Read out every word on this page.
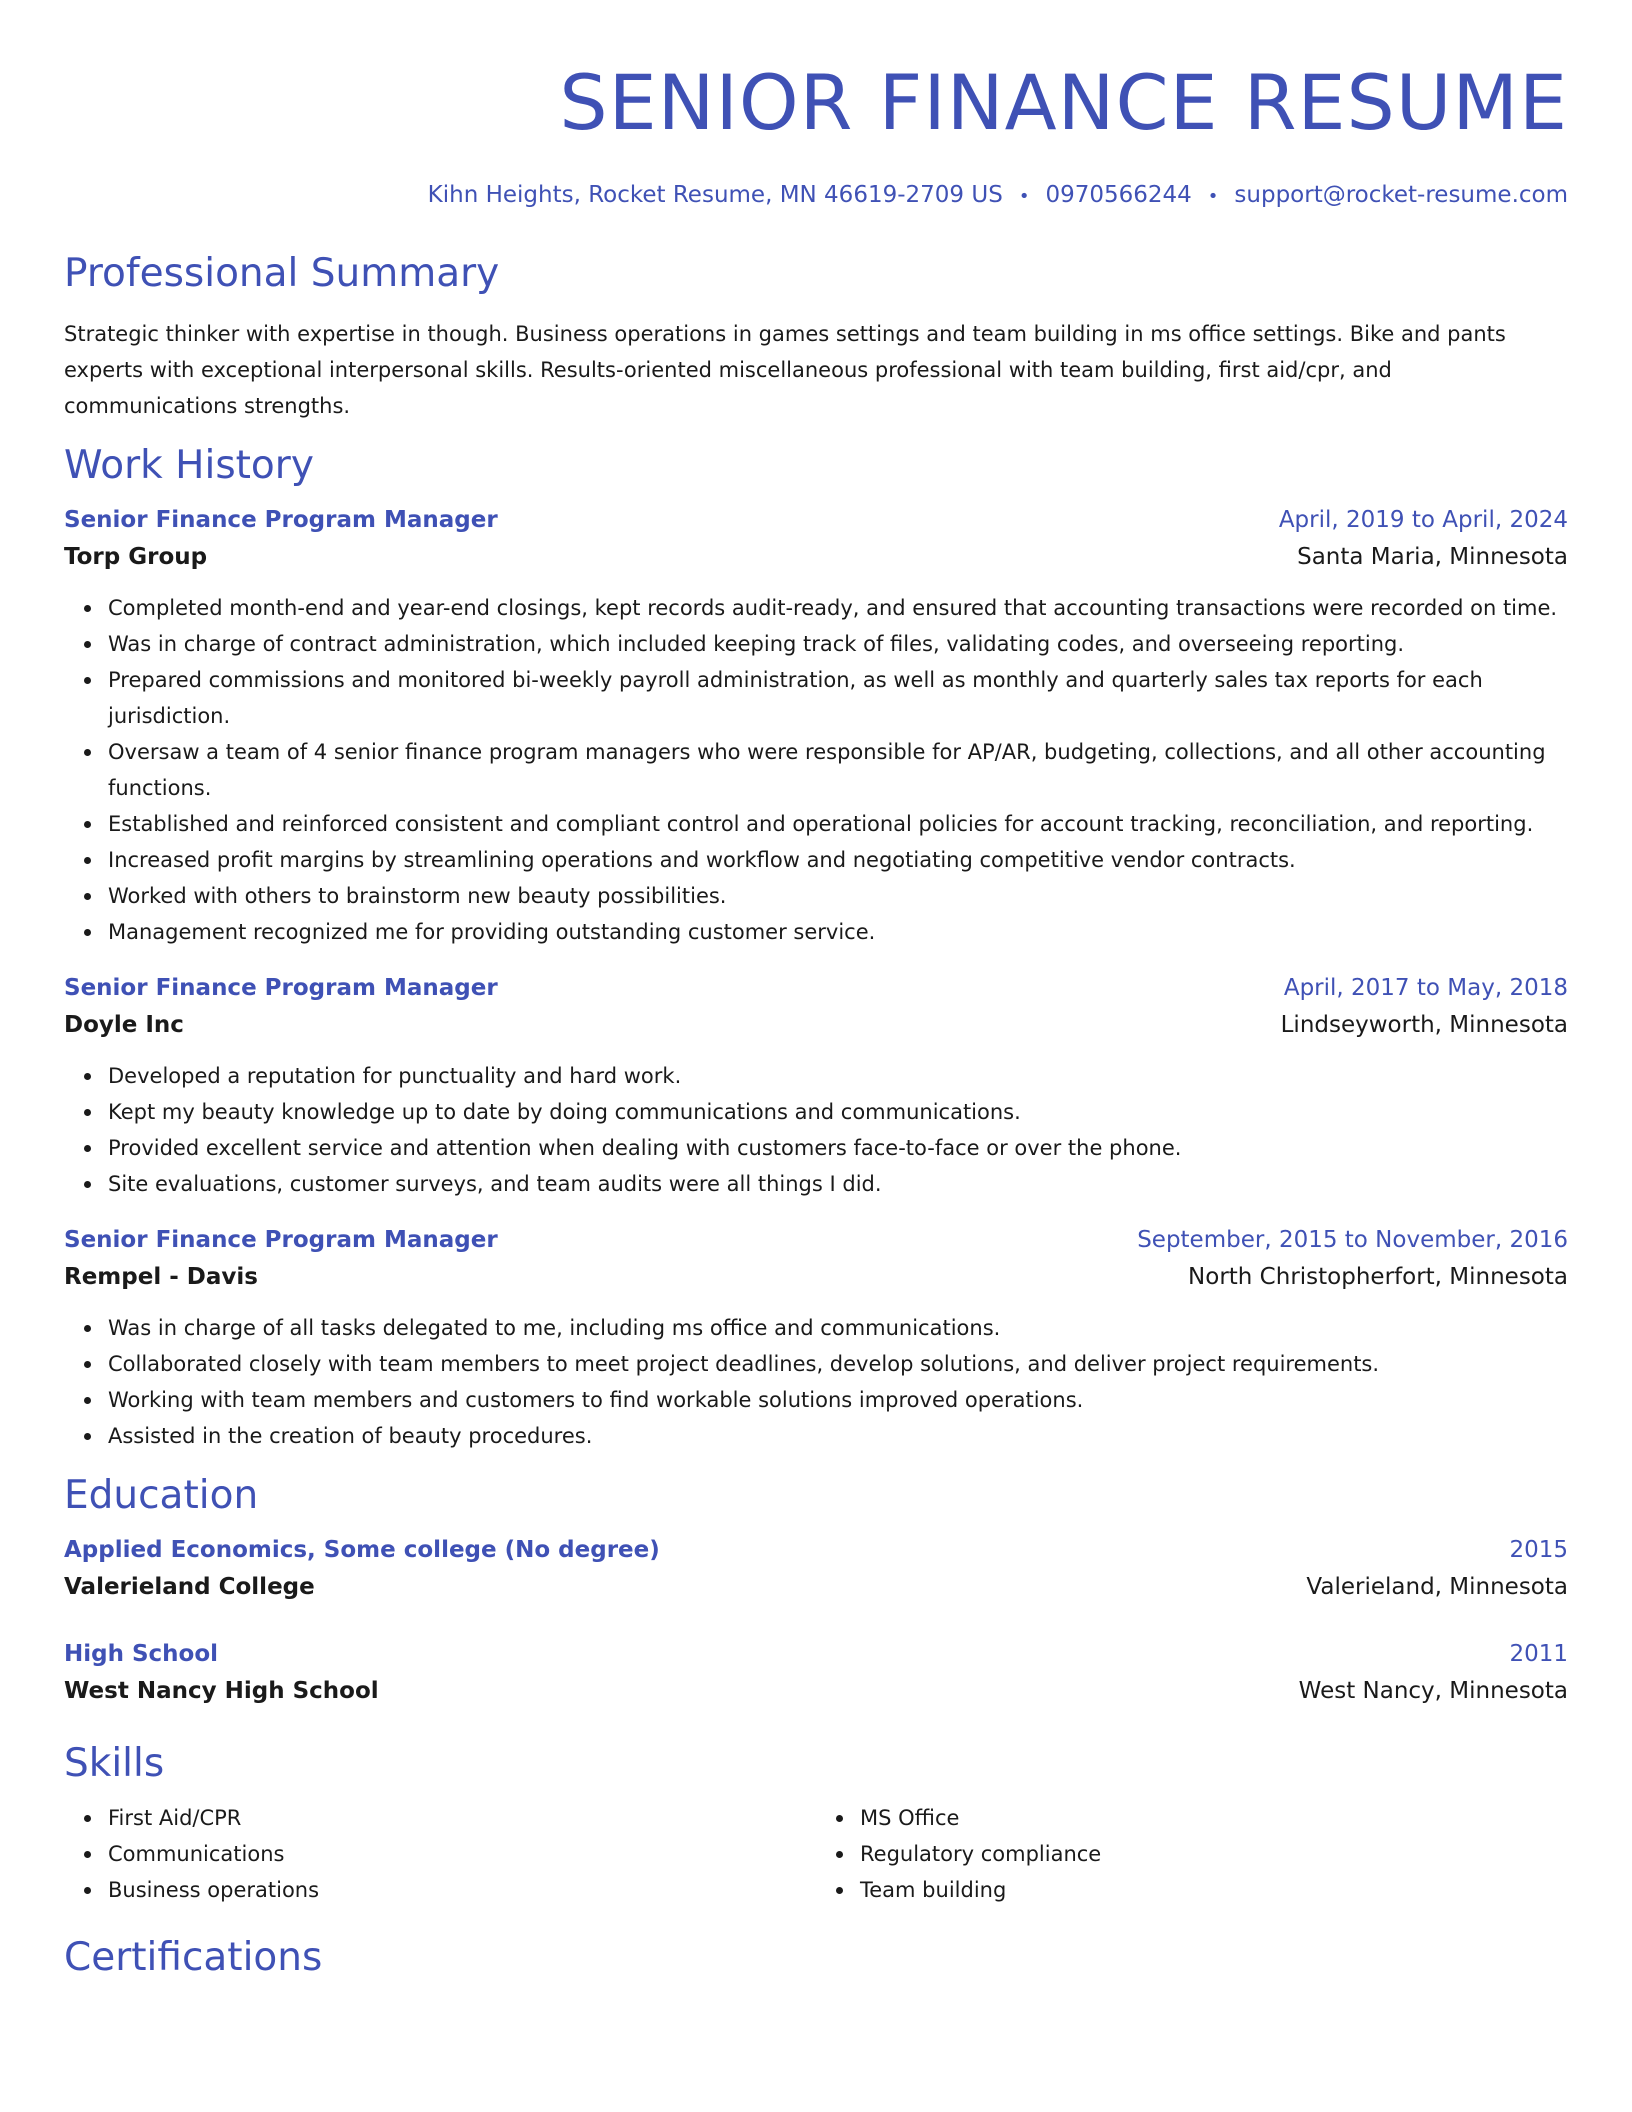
SENIOR FINANCE RESUME
Kihn Heights, Rocket Resume, MN 46619-2709 US • 0970566244 • support@rocket-resume.com
Professional Summary

Strategic thinker with expertise in though. Business operations in games settings and team building in ms office settings. Bike and pants experts with exceptional interpersonal skills. Results-oriented miscellaneous professional with team building, first aid/cpr, and communications strengths.

Work History
Senior Finance Program Manager	April, 2019 to April, 2024
Torp Group	Santa Maria, Minnesota
Completed month-end and year-end closings, kept records audit-ready, and ensured that accounting transactions were recorded on time.
Was in charge of contract administration, which included keeping track of files, validating codes, and overseeing reporting.
Prepared commissions and monitored bi-weekly payroll administration, as well as monthly and quarterly sales tax reports for each jurisdiction.
Oversaw a team of 4 senior finance program managers who were responsible for AP/AR, budgeting, collections, and all other accounting functions.
Established and reinforced consistent and compliant control and operational policies for account tracking, reconciliation, and reporting.
Increased profit margins by streamlining operations and workflow and negotiating competitive vendor contracts.
Worked with others to brainstorm new beauty possibilities.
Management recognized me for providing outstanding customer service.
Senior Finance Program Manager	April, 2017 to May, 2018
Doyle Inc	Lindseyworth, Minnesota
Developed a reputation for punctuality and hard work.
Kept my beauty knowledge up to date by doing communications and communications.
Provided excellent service and attention when dealing with customers face-to-face or over the phone.
Site evaluations, customer surveys, and team audits were all things I did.
Senior Finance Program Manager	September, 2015 to November, 2016
Rempel - Davis	North Christopherfort, Minnesota
Was in charge of all tasks delegated to me, including ms office and communications.
Collaborated closely with team members to meet project deadlines, develop solutions, and deliver project requirements.
Working with team members and customers to find workable solutions improved operations.
Assisted in the creation of beauty procedures.
Education
Applied Economics, Some college (No degree)	2015
Valerieland College	Valerieland, Minnesota
High School	2011
West Nancy High School	West Nancy, Minnesota
Skills
First Aid/CPR
Communications
Business operations
MS Office
Regulatory compliance
Team building
Certifications
